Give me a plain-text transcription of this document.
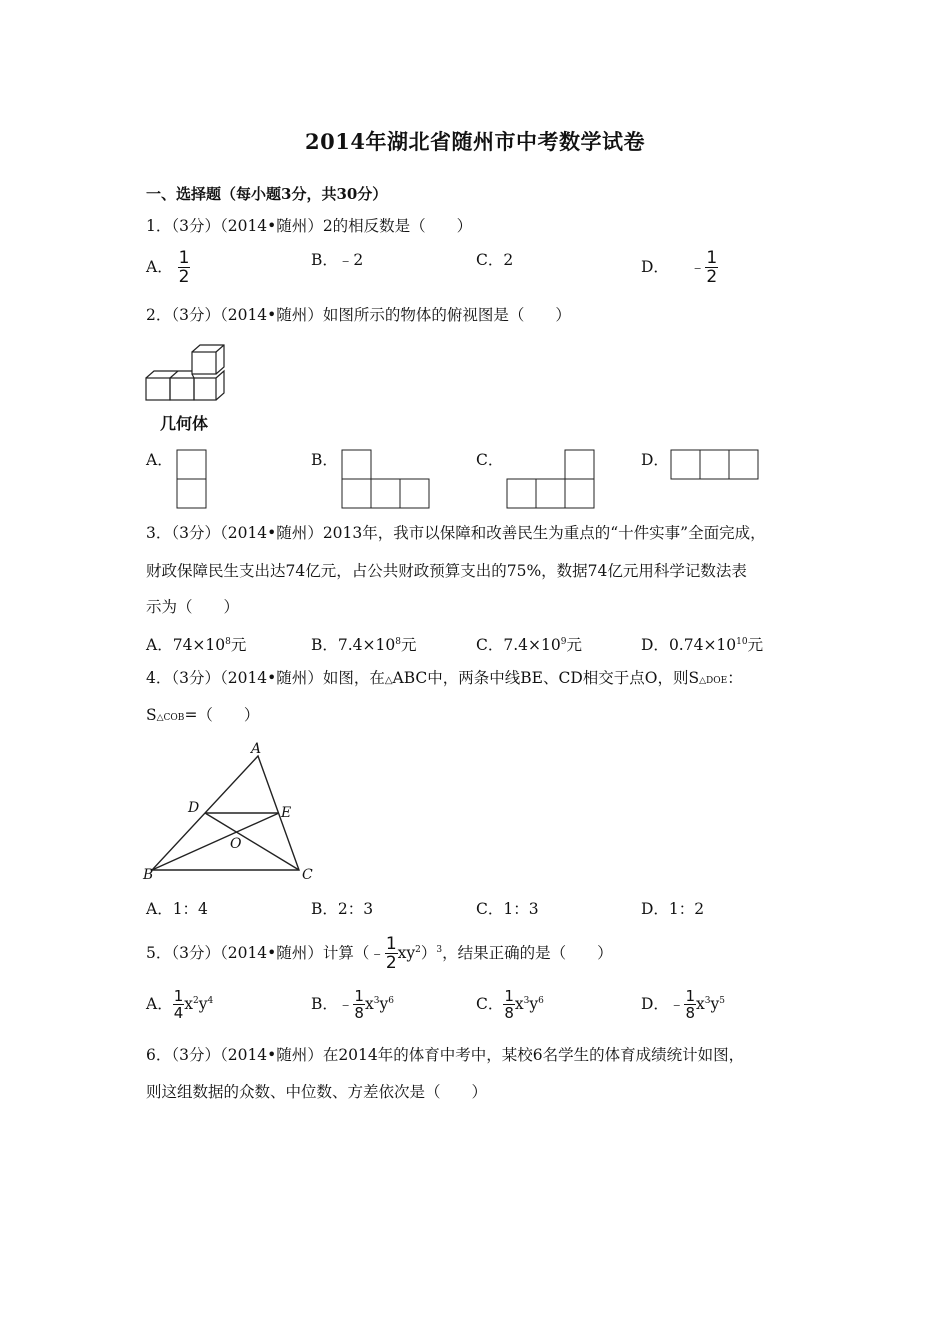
2014年湖北省随州市中考数学试卷
一、选择题（每小题3分，共30分）
1．（3分）（2014•随州）2的相反数是（　　）
A． $\frac{1}{2}$	B．﹣2	C．2	D． ﹣ $\frac{1}{2}$
2．（3分）（2014•随州）如图所示的物体的俯视图是（　　）
几何体
A．	B．	C．	D．
3．（3分）（2014•随州）2013年，我市以保障和改善民生为重点的“十件实事”全面完成，
财政保障民生支出达74亿元，占公共财政预算支出的75%，数据74亿元用科学记数法表
示为（　　）
A．$74\times 10^8$元	B．$7.4\times 10^8$元	C．$7.4\times 10^9$元	D．$0.74\times 10^{10}$元
4．（3分）（2014•随州）如图，在△ABC中，两条中线BE、CD相交于点O，则S△DOE：
S△COB=（　　）
A
D	E
O
B	C
A．1：4	B．2：3	C．1：3	D．1：2
5．（3分）（2014•随州）计算（﹣ $\frac{1}{2} xy^2)^3$，结果正确的是（　　）
A． $\frac{1}{4} x^2y^4$	B．﹣ $\frac{1}{8} x^3y^6$	C． $\frac{1}{8} x^3y^6$	D．﹣ $\frac{1}{8} x^3y^5$
6．（3分）（2014•随州）在2014年的体育中考中，某校6名学生的体育成绩统计如图，
则这组数据的众数、中位数、方差依次是（　　）
